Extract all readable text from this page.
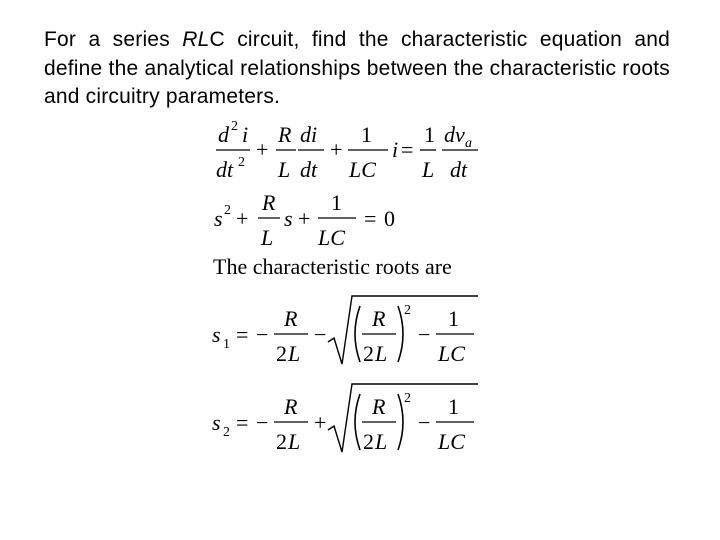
For a series RLC circuit, find the characteristic equation and define the analytical relationships between the characteristic roots and circuitry parameters.
d 2 i
dt 2
+
R
L
di
dt
+
1
LC
i =
1
L
dv a
dt
s 2 +
R
L
s +
1
LC
= 0
The characteristic roots are
s 1 = −
R
2 L
−
R
2 L
2
−
1
LC
s 2 = −
R
2 L
+
R
2 L
2
−
1
LC
